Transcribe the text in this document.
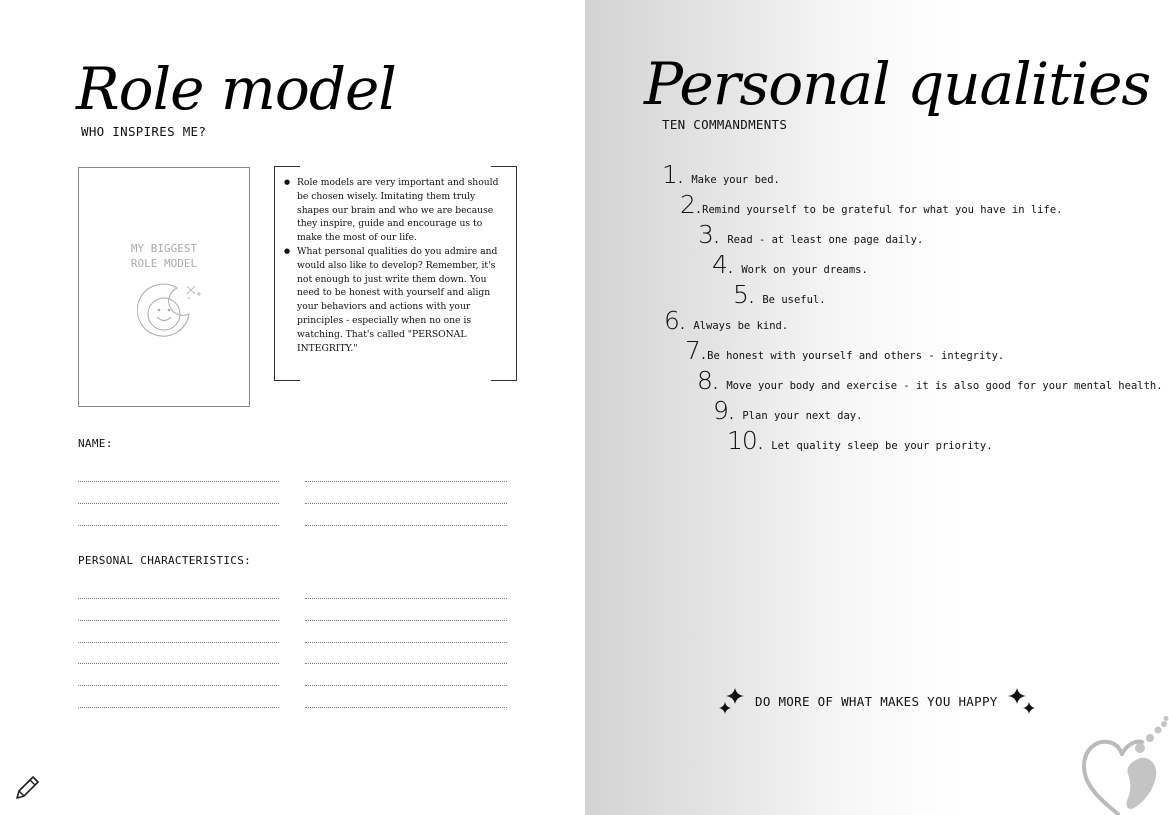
Role model
WHO INSPIRES ME?
MY BIGGEST
ROLE MODEL
● Role models are very important and should be chosen wisely. Imitating them truly shapes our brain and who we are because they inspire, guide and encourage us to make the most of our life.
● What personal qualities do you admire and would also like to develop? Remember, it's not enough to just write them down. You need to be honest with yourself and align your behaviors and actions with your principles - especially when no one is watching. That's called "PERSONAL INTEGRITY."
NAME:
PERSONAL CHARACTERISTICS:
Personal qualities
TEN COMMANDMENTS
1. Make your bed.
2.Remind yourself to be grateful for what you have in life.
3. Read - at least one page daily.
4. Work on your dreams.
5. Be useful.
6. Always be kind.
7.Be honest with yourself and others - integrity.
8. Move your body and exercise - it is also good for your mental health.
9. Plan your next day.
10. Let quality sleep be your priority.
DO MORE OF WHAT MAKES YOU HAPPY
